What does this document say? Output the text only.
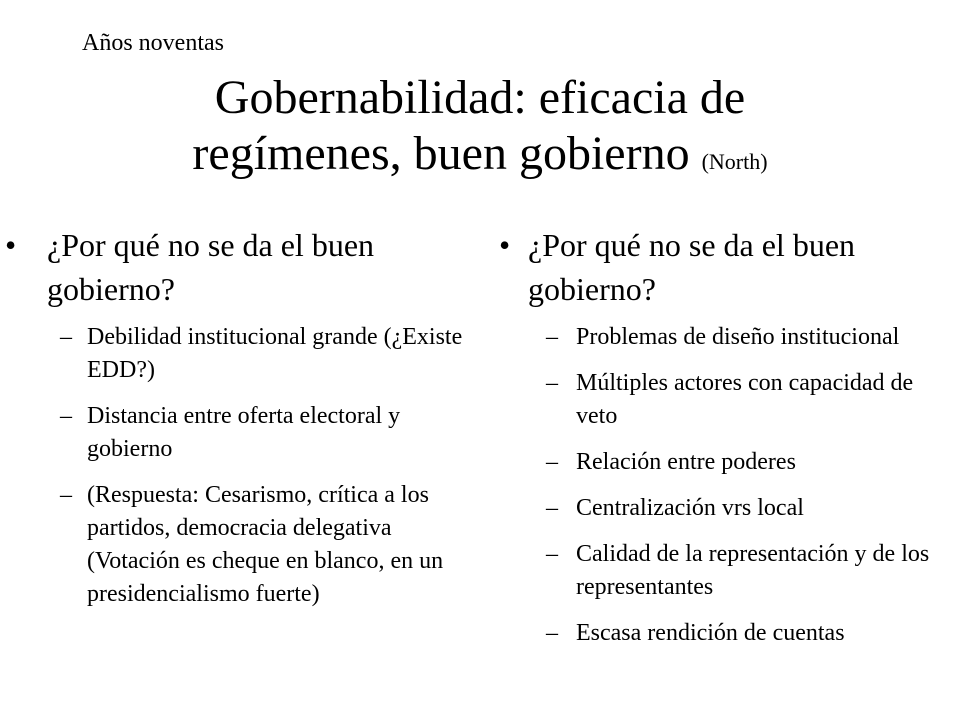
Años noventas
Gobernabilidad: eficacia de
regímenes, buen gobierno (North)
• ¿Por qué no se da el buen gobierno?
– Debilidad institucional grande (¿Existe EDD?)
– Distancia entre oferta electoral y gobierno
– (Respuesta: Cesarismo, crítica a los partidos, democracia delegativa (Votación es cheque en blanco, en un presidencialismo fuerte)
• ¿Por qué no se da el buen gobierno?
– Problemas de diseño institucional
– Múltiples actores con capacidad de veto
– Relación entre poderes
– Centralización vrs local
– Calidad de la representación y de los representantes
– Escasa rendición de cuentas
